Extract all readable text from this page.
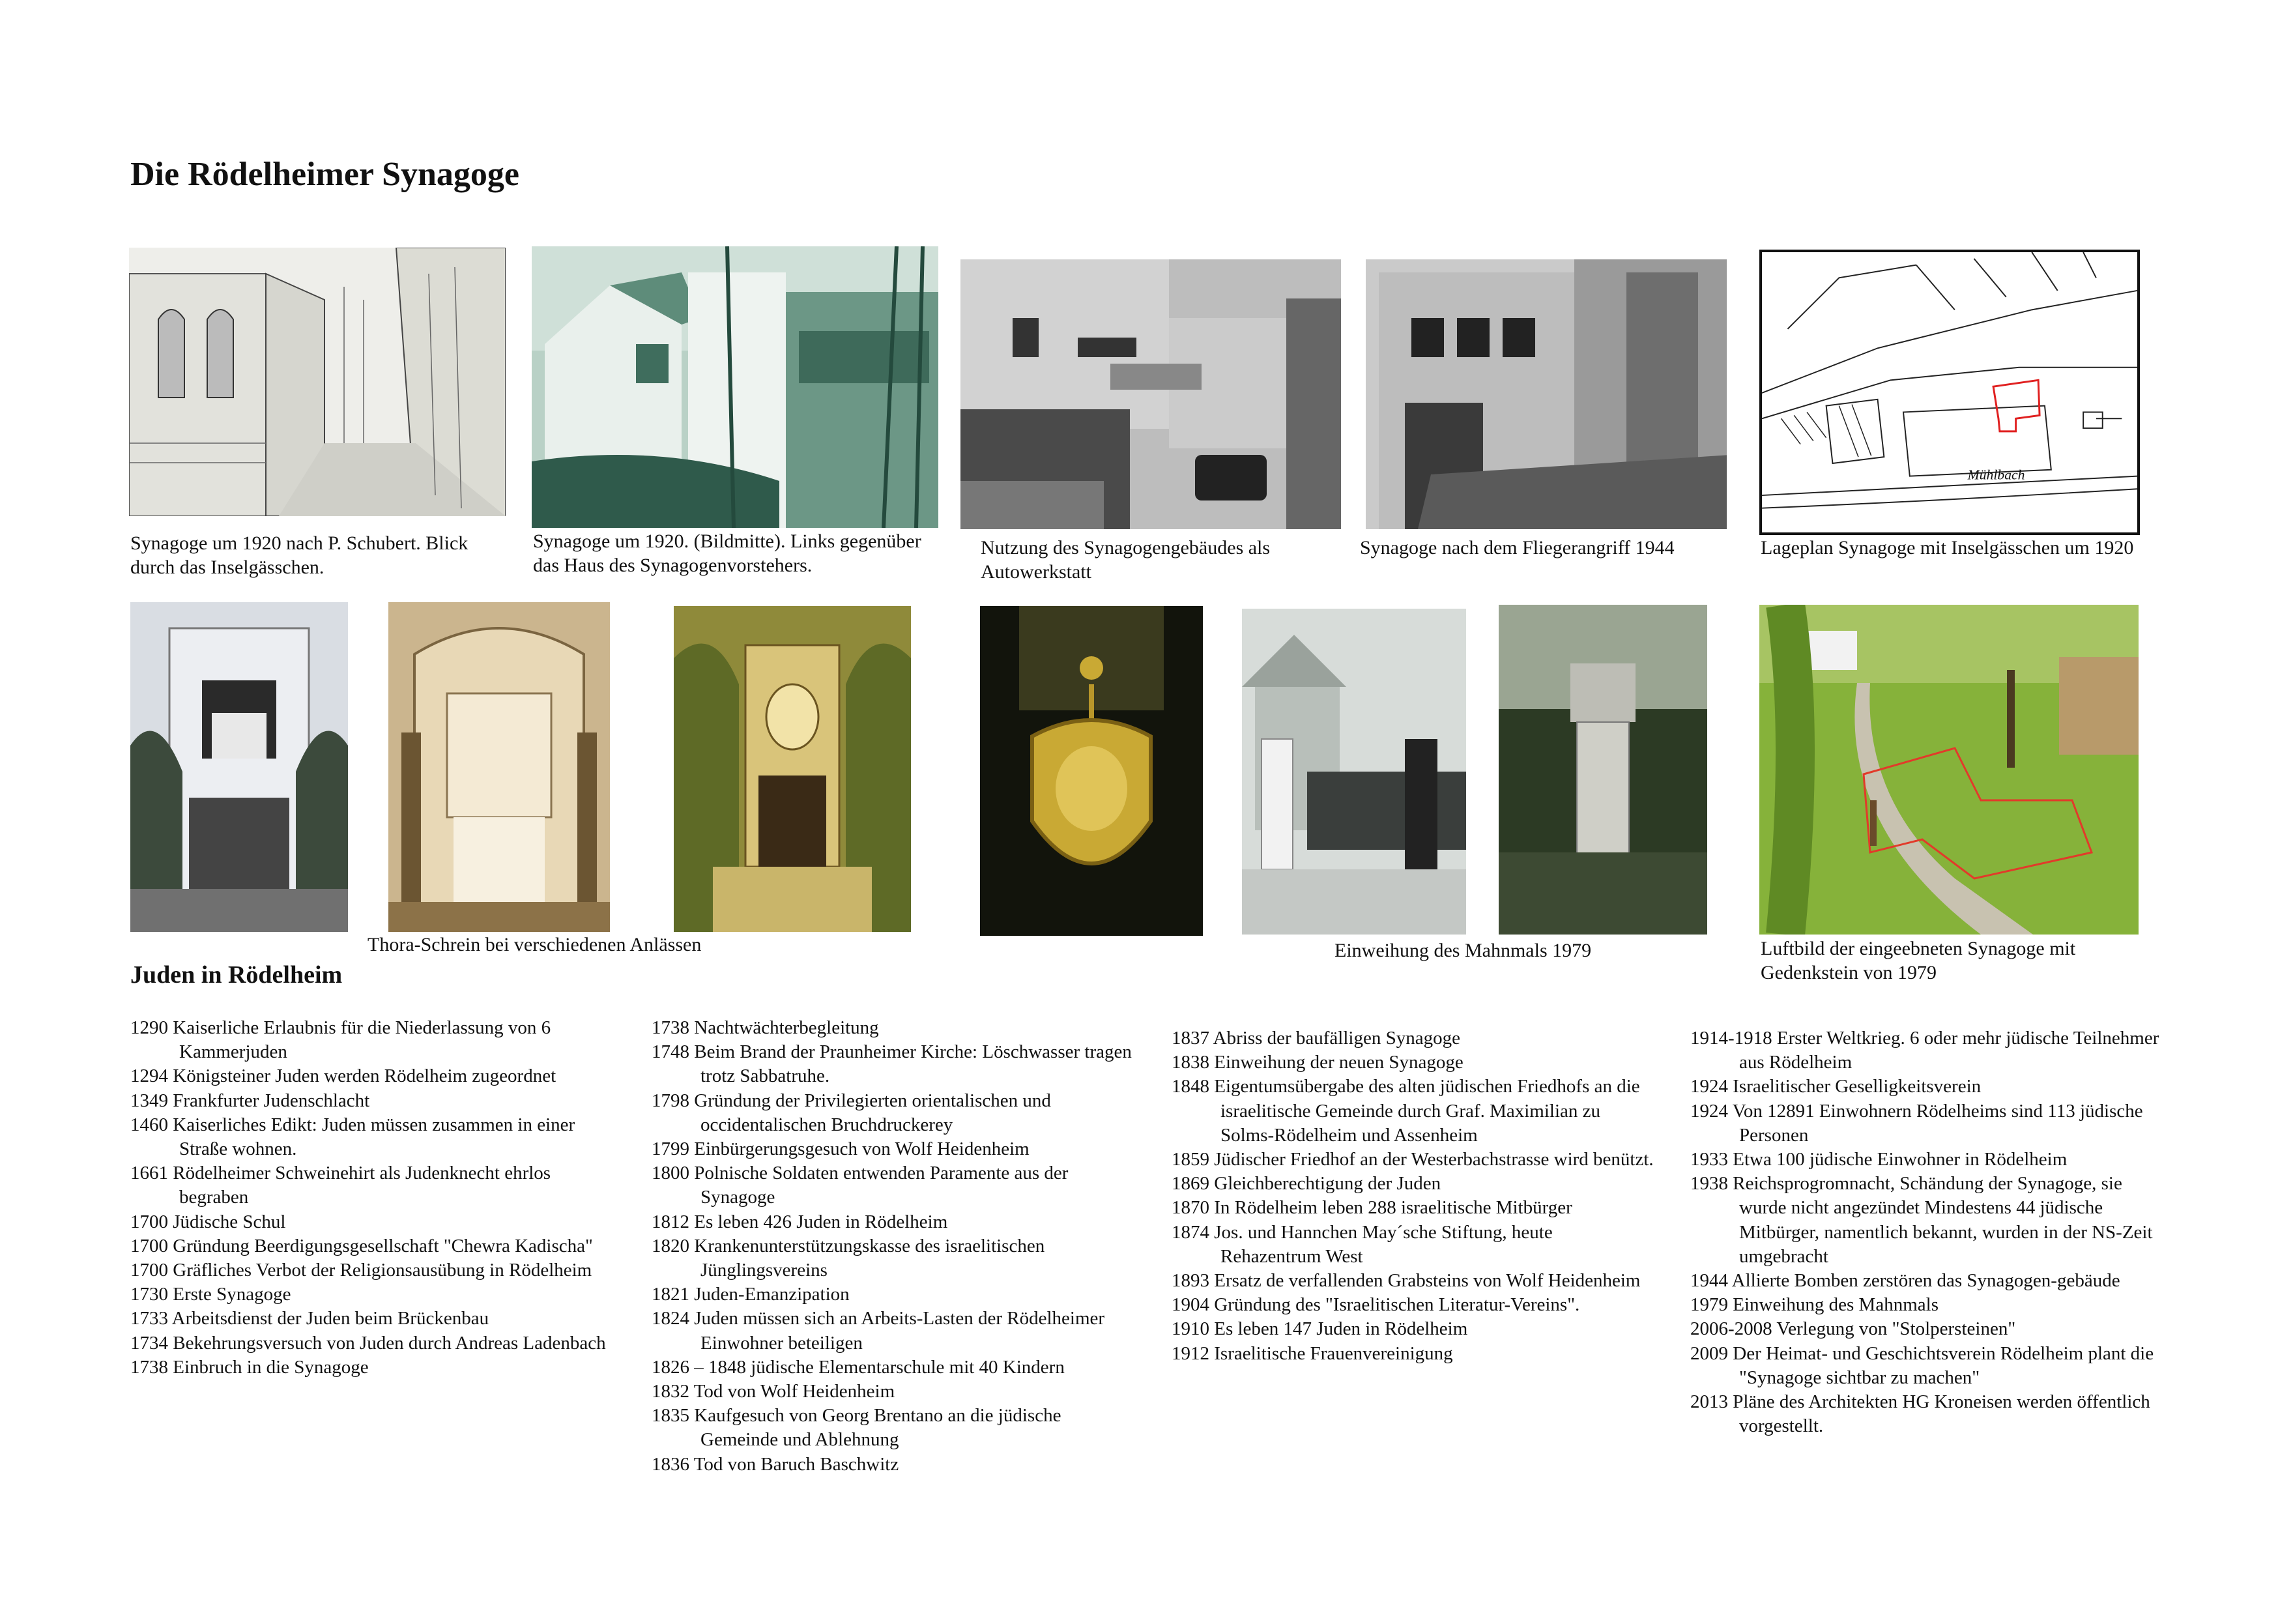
Die Rödelheimer Synagoge
Mühlbach
Synagoge um 1920 nach P. Schubert. Blick durch das Inselgässchen.
Synagoge um 1920. (Bildmitte). Links gegenüber das Haus des Synagogenvorstehers.
Nutzung des Synagogengebäudes als Autowerkstatt
Synagoge nach dem Fliegerangriff 1944	Lageplan Synagoge mit Inselgässchen um 1920
Thora-Schrein bei verschiedenen Anlässen	Einweihung des Mahnmals 1979	Luftbild der eingeebneten Synagoge mit Gedenkstein von 1979
Juden in Rödelheim
1290 Kaiserliche Erlaubnis für die Niederlassung von 6 Kammerjuden
1294 Königsteiner Juden werden Rödelheim zugeordnet
1349 Frankfurter Judenschlacht
1460 Kaiserliches Edikt: Juden müssen zusammen in einer Straße wohnen.
1661 Rödelheimer Schweinehirt als Judenknecht ehrlos begraben
1700 Jüdische Schul
1700 Gründung Beerdigungsgesellschaft "Chewra Kadischa"
1700 Gräfliches Verbot der Religionsausübung in Rödelheim
1730 Erste Synagoge
1733 Arbeitsdienst der Juden beim Brückenbau
1734 Bekehrungsversuch von Juden durch Andreas Ladenbach
1738 Einbruch in die Synagoge
1738 Nachtwächterbegleitung
1748 Beim Brand der Praunheimer Kirche: Löschwasser tragen trotz Sabbatruhe.
1798 Gründung der Privilegierten orientalischen und occidentalischen Bruchdruckerey
1799 Einbürgerungsgesuch von Wolf Heidenheim
1800 Polnische Soldaten entwenden Paramente aus der Synagoge
1812 Es leben 426 Juden in Rödelheim
1820 Krankenunterstützungskasse des israelitischen Jünglingsvereins
1821 Juden-Emanzipation
1824 Juden müssen sich an Arbeits-Lasten der Rödelheimer Einwohner beteiligen
1826 – 1848 jüdische Elementarschule mit 40 Kindern
1832 Tod von Wolf Heidenheim
1835 Kaufgesuch von Georg Brentano an die jüdische Gemeinde und Ablehnung
1836 Tod von Baruch Baschwitz
1837 Abriss der baufälligen Synagoge
1838 Einweihung der neuen Synagoge
1848 Eigentumsübergabe des alten jüdischen Friedhofs an die israelitische Gemeinde durch Graf. Maximilian zu Solms-Rödelheim und Assenheim
1859 Jüdischer Friedhof an der Westerbachstrasse wird benützt.
1869 Gleichberechtigung der Juden
1870 In Rödelheim leben 288 israelitische Mitbürger
1874 Jos. und Hannchen May´sche Stiftung, heute Rehazentrum West
1893 Ersatz de verfallenden Grabsteins von Wolf Heidenheim
1904 Gründung des "Israelitischen Literatur-Vereins".
1910 Es leben 147 Juden in Rödelheim
1912 Israelitische Frauenvereinigung
1914-1918 Erster Weltkrieg. 6 oder mehr jüdische Teilnehmer aus Rödelheim
1924 Israelitischer Geselligkeitsverein
1924 Von 12891 Einwohnern Rödelheims sind 113 jüdische Personen
1933 Etwa 100 jüdische Einwohner in Rödelheim
1938 Reichsprogromnacht, Schändung der Synagoge, sie wurde nicht angezündet Mindestens 44 jüdische Mitbürger, namentlich bekannt, wurden in der NS-Zeit umgebracht
1944 Allierte Bomben zerstören das Synagogen-gebäude
1979 Einweihung des Mahnmals
2006-2008 Verlegung von "Stolpersteinen"
2009 Der Heimat- und Geschichtsverein Rödelheim plant die "Synagoge sichtbar zu machen"
2013 Pläne des Architekten HG Kroneisen werden öffentlich vorgestellt.
